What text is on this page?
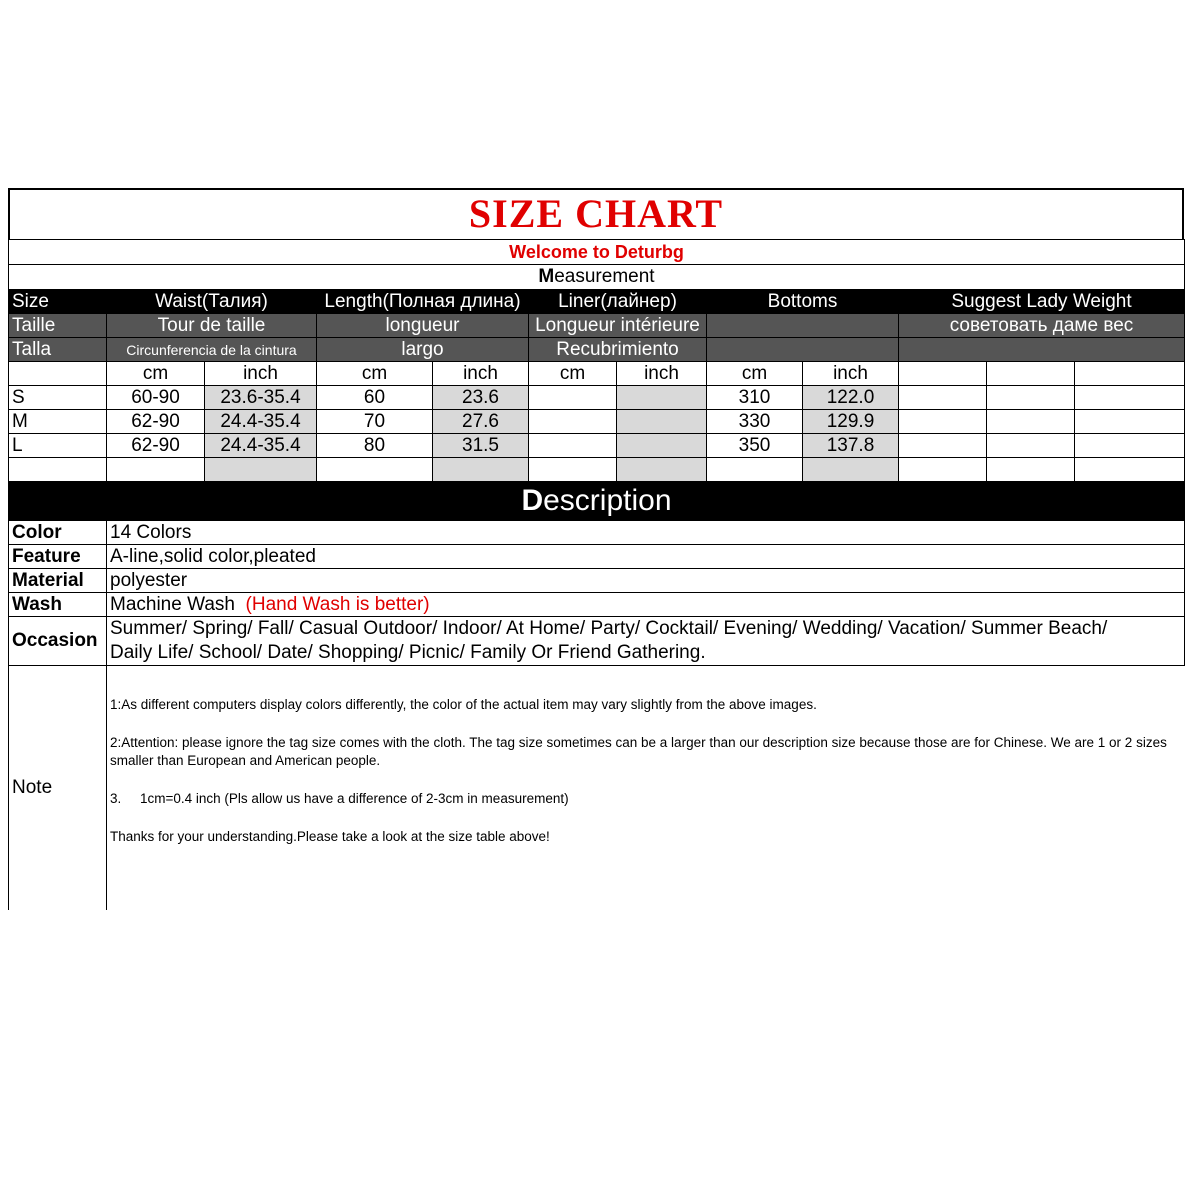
SIZE CHART
Welcome to Deturbg											
Measurement											
Size	Waist(Талия)		Length(Полная длина)		Liner(лайнер)		Bottoms		Suggest Lady Weight		
Taille	Tour de taille		longueur		Longueur intérieure				советовать даме вес		
Talla	Circunferencia de la cintura		largo		Recubrimiento						
	cm	inch	cm	inch	cm	inch	cm	inch			
S	60-90	23.6-35.4	60	23.6			310	122.0			
M	62-90	24.4-35.4	70	27.6			330	129.9			
L	62-90	24.4-35.4	80	31.5			350	137.8			

Description											
Color	14 Colors										
Feature	A-line,solid color,pleated										
Material	polyester										
Wash	Machine Wash (Hand Wash is better)										
Occasion	Summer/ Spring/ Fall/ Casual Outdoor/ Indoor/ At Home/ Party/ Cocktail/ Evening/ Wedding/ Vacation/ Summer Beach/
Daily Life/ School/ Date/ Shopping/ Picnic/ Family Or Friend Gathering.										

Note	1:As different computers display colors differently, the color of the actual item may vary slightly from the above images.

2:Attention: please ignore the tag size comes with the cloth. The tag size sometimes can be a larger than our description size because those are for Chinese. We are 1 or 2 sizes smaller than European and American people.

3.     1cm=0.4 inch (Pls allow us have a difference of 2-3cm in measurement)

Thanks for your understanding.Please take a look at the size table above!										
